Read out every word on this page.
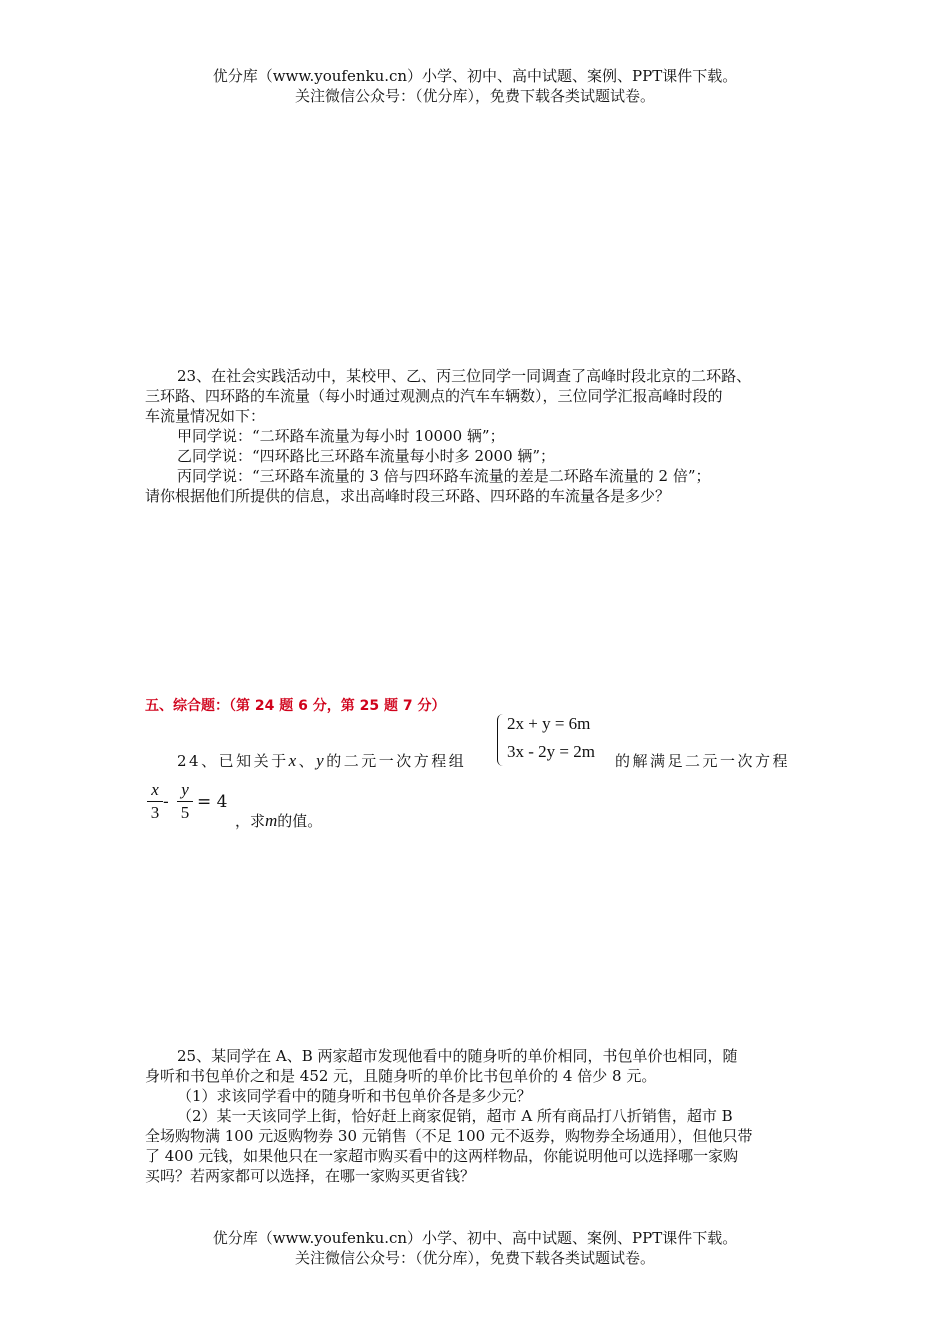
优分库（www.youfenku.cn）小学、初中、高中试题、案例、PPT课件下载。
关注微信公众号：（优分库），免费下载各类试题试卷。
23、在社会实践活动中，某校甲、乙、丙三位同学一同调查了高峰时段北京的二环路、
三环路、四环路的车流量（每小时通过观测点的汽车车辆数），三位同学汇报高峰时段的
车流量情况如下：
甲同学说：“二环路车流量为每小时 10000 辆”；
乙同学说：“四环路比三环路车流量每小时多 2000 辆”；
丙同学说：“三环路车流量的 3 倍与四环路车流量的差是二环路车流量的 2 倍”；
请你根据他们所提供的信息，求出高峰时段三环路、四环路的车流量各是多少？
五、综合题：（第 24 题 6 分，第 25 题 7 分）
24、已知关于x、y的二元一次方程组
2x + y = 6m
3x - 2y = 2m 的解满足二元一次方程
x
3
-
y
5
= 4
，求m的值。
25、某同学在 A、B 两家超市发现他看中的随身听的单价相同，书包单价也相同，随
身听和书包单价之和是 452 元，且随身听的单价比书包单价的 4 倍少 8 元。
（1）求该同学看中的随身听和书包单价各是多少元？
（2）某一天该同学上街，恰好赶上商家促销，超市 A 所有商品打八折销售，超市 B
全场购物满 100 元返购物券 30 元销售（不足 100 元不返券，购物券全场通用），但他只带
了 400 元钱，如果他只在一家超市购买看中的这两样物品，你能说明他可以选择哪一家购
买吗？若两家都可以选择，在哪一家购买更省钱？
优分库（www.youfenku.cn）小学、初中、高中试题、案例、PPT课件下载。
关注微信公众号：（优分库），免费下载各类试题试卷。
